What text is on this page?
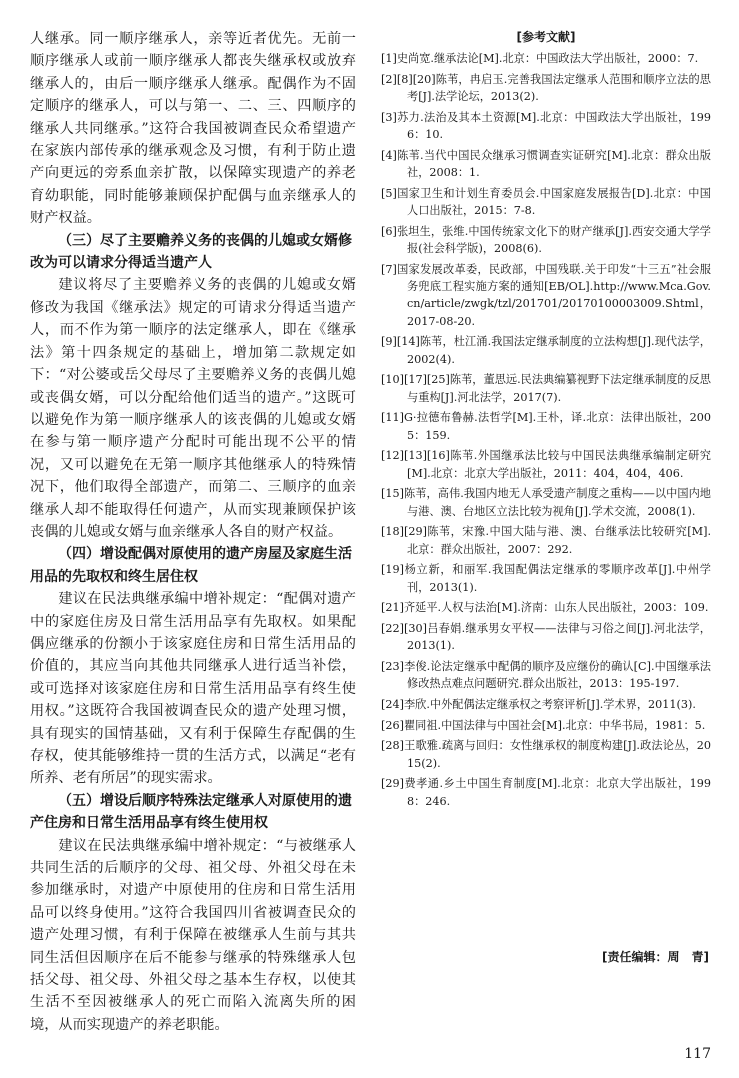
人继承。同一顺序继承人，亲等近者优先。无前一顺序继承人或前一顺序继承人都丧失继承权或放弃继承人的，由后一顺序继承人继承。配偶作为不固定顺序的继承人，可以与第一、二、三、四顺序的继承人共同继承。”这符合我国被调查民众希望遗产在家族内部传承的继承观念及习惯，有利于防止遗产向更远的旁系血亲扩散，以保障实现遗产的养老育幼职能，同时能够兼顾保护配偶与血亲继承人的财产权益。

（三）尽了主要赡养义务的丧偶的儿媳或女婿修改为可以请求分得适当遗产人

建议将尽了主要赡养义务的丧偶的儿媳或女婿修改为我国《继承法》规定的可请求分得适当遗产人，而不作为第一顺序的法定继承人，即在《继承法》第十四条规定的基础上，增加第二款规定如下：“对公婆或岳父母尽了主要赡养义务的丧偶儿媳或丧偶女婿，可以分配给他们适当的遗产。”这既可以避免作为第一顺序继承人的该丧偶的儿媳或女婿在参与第一顺序遗产分配时可能出现不公平的情况，又可以避免在无第一顺序其他继承人的特殊情况下，他们取得全部遗产，而第二、三顺序的血亲继承人却不能取得任何遗产，从而实现兼顾保护该丧偶的儿媳或女婿与血亲继承人各自的财产权益。

（四）增设配偶对原使用的遗产房屋及家庭生活用品的先取权和终生居住权

建议在民法典继承编中增补规定：“配偶对遗产中的家庭住房及日常生活用品享有先取权。如果配偶应继承的份额小于该家庭住房和日常生活用品的价值的，其应当向其他共同继承人进行适当补偿，或可选择对该家庭住房和日常生活用品享有终生使用权。”这既符合我国被调查民众的遗产处理习惯，具有现实的国情基础，又有利于保障生存配偶的生存权，使其能够维持一贯的生活方式，以满足“老有所养、老有所居”的现实需求。

（五）增设后顺序特殊法定继承人对原使用的遗产住房和日常生活用品享有终生使用权

建议在民法典继承编中增补规定：“与被继承人共同生活的后顺序的父母、祖父母、外祖父母在未参加继承时，对遗产中原使用的住房和日常生活用品可以终身使用。”这符合我国四川省被调查民众的遗产处理习惯，有利于保障在被继承人生前与其共同生活但因顺序在后不能参与继承的特殊继承人包括父母、祖父母、外祖父母之基本生存权，以使其生活不至因被继承人的死亡而陷入流离失所的困境，从而实现遗产的养老职能。

[参考文献]

[1]史尚宽.继承法论[M].北京：中国政法大学出版社，2000：7.

[2][8][20]陈苇，冉启玉.完善我国法定继承人范围和顺序立法的思考[J].法学论坛，2013(2).

[3]苏力.法治及其本土资源[M].北京：中国政法大学出版社，1996：10.

[4]陈苇.当代中国民众继承习惯调查实证研究[M].北京：群众出版社，2008：1.

[5]国家卫生和计划生育委员会.中国家庭发展报告[D].北京：中国人口出版社，2015：7-8.

[6]张坦生，张维.中国传统家文化下的财产继承[J].西安交通大学学报(社会科学版)，2008(6).

[7]国家发展改革委，民政部，中国残联.关于印发“十三五”社会服务兜底工程实施方案的通知[EB/OL].http://www.Mca.Gov.cn/article/zwgk/tzl/201701/20170100003009.Shtml，2017-08-20.

[9][14]陈苇，杜江涌.我国法定继承制度的立法构想[J].现代法学，2002(4).

[10][17][25]陈苇，董思远.民法典编纂视野下法定继承制度的反思与重构[J].河北法学，2017(7).

[11]G·拉德布鲁赫.法哲学[M].王朴，译.北京：法律出版社，2005：159.

[12][13][16]陈苇.外国继承法比较与中国民法典继承编制定研究[M].北京：北京大学出版社，2011：404，404，406.

[15]陈苇，高伟.我国内地无人承受遗产制度之重构——以中国内地与港、澳、台地区立法比较为视角[J].学术交流，2008(1).

[18][29]陈苇，宋豫.中国大陆与港、澳、台继承法比较研究[M].北京：群众出版社，2007：292.

[19]杨立新，和丽军.我国配偶法定继承的零顺序改革[J].中州学刊，2013(1).

[21]齐延平.人权与法治[M].济南：山东人民出版社，2003：109.

[22][30]吕春娟.继承男女平权——法律与习俗之间[J].河北法学，2013(1).

[23]李俊.论法定继承中配偶的顺序及应继份的确认[C].中国继承法修改热点难点问题研究.群众出版社，2013：195-197.

[24]李欣.中外配偶法定继承权之考察评析[J].学术界，2011(3).

[26]瞿同祖.中国法律与中国社会[M].北京：中华书局，1981：5.

[28]王歌雅.疏离与回归：女性继承权的制度构建[J].政法论丛，2015(2).

[29]费孝通.乡土中国生育制度[M].北京：北京大学出版社，1998：246.

[责任编辑：周　青]
117
